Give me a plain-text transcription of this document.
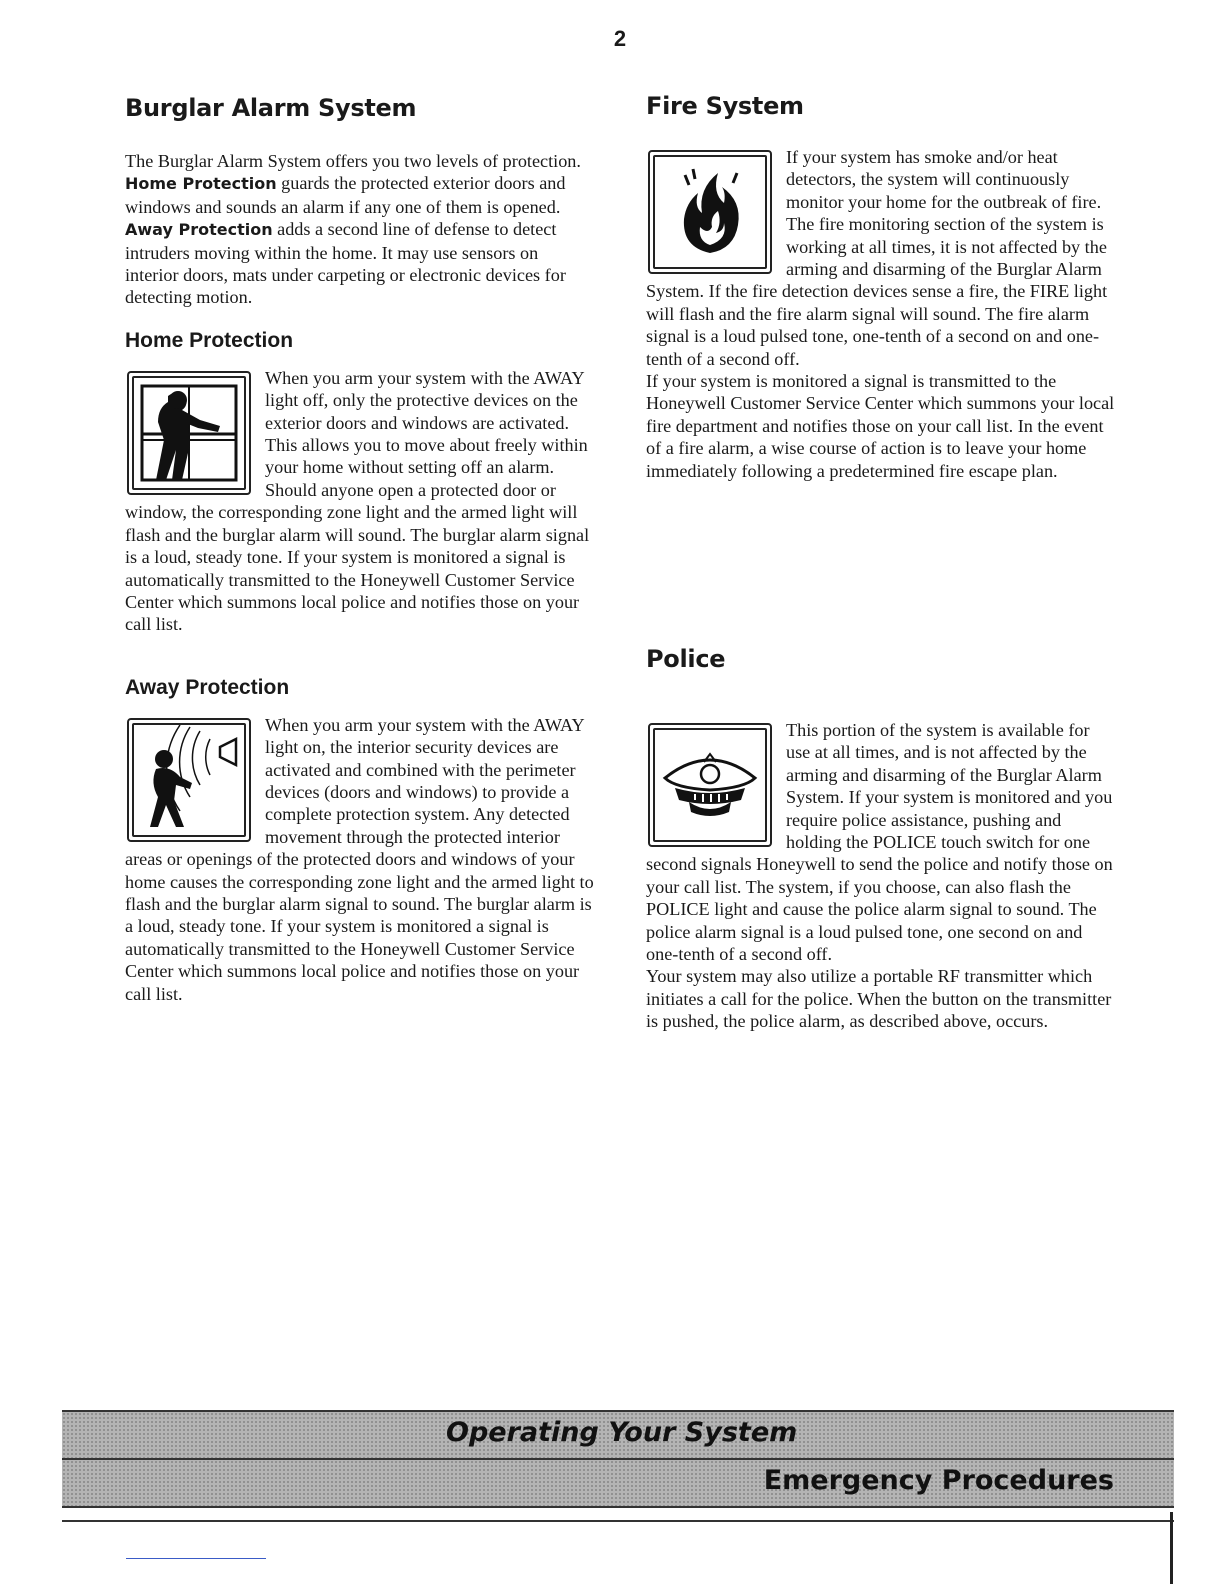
2
Burglar Alarm System

The Burglar Alarm System offers you two levels of protection. Home Protection guards the protected exterior doors and windows and sounds an alarm if any one of them is opened. Away Protection adds a second line of defense to detect intruders moving within the home. It may use sensors on interior doors, mats under carpeting or electronic devices for detecting motion.

Home Protection

When you arm your system with the AWAY light off, only the protective devices on the exterior doors and windows are activated. This allows you to move about freely within your home without setting off an alarm. Should anyone open a protected door or window, the corresponding zone light and the armed light will flash and the burglar alarm will sound. The burglar alarm signal is a loud, steady tone. If your system is monitored a signal is automatically transmitted to the Honeywell Customer Service Center which summons local police and notifies those on your call list.

Away Protection

When you arm your system with the AWAY light on, the interior security devices are activated and combined with the perimeter devices (doors and windows) to provide a complete protection system. Any detected movement through the protected interior areas or openings of the protected doors and windows of your home causes the corresponding zone light and the armed light to flash and the burglar alarm signal to sound. The burglar alarm is a loud, steady tone. If your system is monitored a signal is automatically transmitted to the Honeywell Customer Service Center which summons local police and notifies those on your call list.

Fire System

If your system has smoke and/or heat detectors, the system will continuously monitor your home for the outbreak of fire. The fire monitoring section of the system is working at all times, it is not affected by the arming and disarming of the Burglar Alarm System. If the fire detection devices sense a fire, the FIRE light will flash and the fire alarm signal will sound. The fire alarm signal is a loud pulsed tone, one-tenth of a second on and one-tenth of a second off.

If your system is monitored a signal is transmitted to the Honeywell Customer Service Center which summons your local fire department and notifies those on your call list. In the event of a fire alarm, a wise course of action is to leave your home immediately following a predetermined fire escape plan.

Police

This portion of the system is available for use at all times, and is not affected by the arming and disarming of the Burglar Alarm System. If your system is monitored and you require police assistance, pushing and holding the POLICE touch switch for one second signals Honeywell to send the police and notify those on your call list. The system, if you choose, can also flash the POLICE light and cause the police alarm signal to sound. The police alarm signal is a loud pulsed tone, one second on and one-tenth of a second off.

Your system may also utilize a portable RF transmitter which initiates a call for the police. When the button on the transmitter is pushed, the police alarm, as described above, occurs.

Operating Your System
Emergency Procedures
